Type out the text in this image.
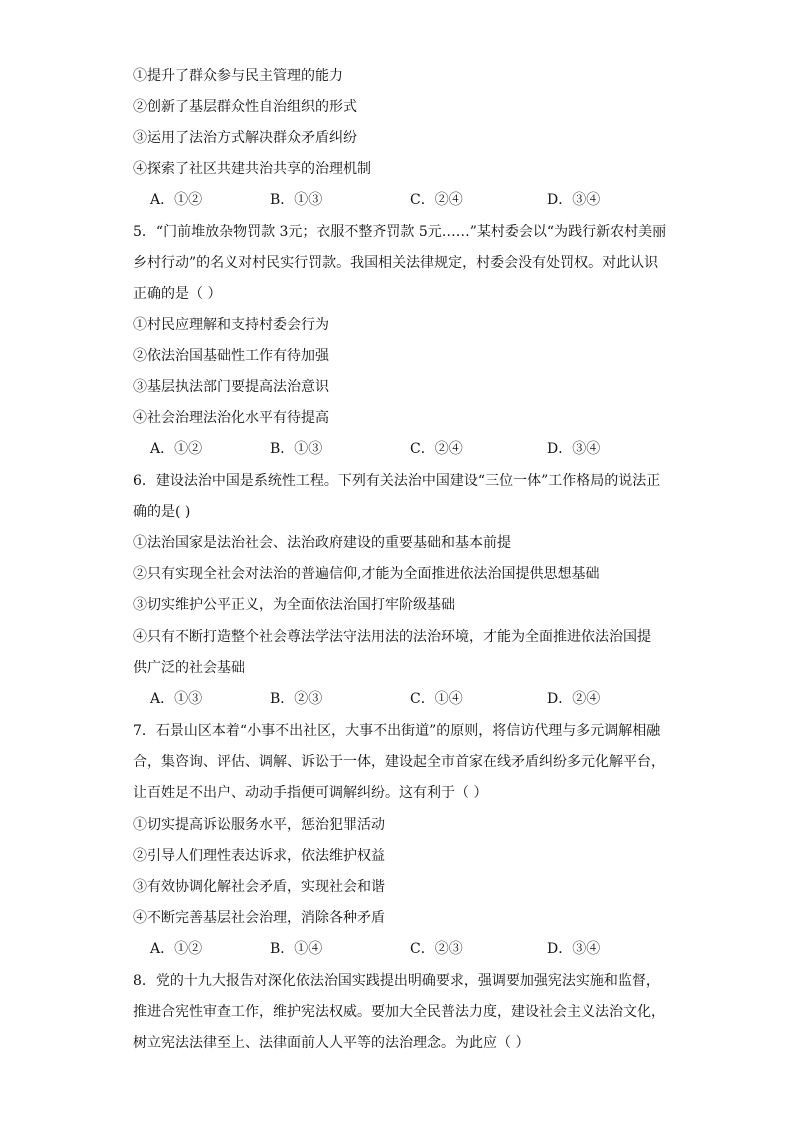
①提升了群众参与民主管理的能力
②创新了基层群众性自治组织的形式
③运用了法治方式解决群众矛盾纠纷
④探索了社区共建共治共享的治理机制
A．①②	B．①③	C．②④	D．③④
5．“门前堆放杂物罚款 3元；衣服不整齐罚款 5元……”某村委会以“为践行新农村美丽
乡村行动”的名义对村民实行罚款。我国相关法律规定，村委会没有处罚权。对此认识
正确的是（ ）
①村民应理解和支持村委会行为
②依法治国基础性工作有待加强
③基层执法部门要提高法治意识
④社会治理法治化水平有待提高
A．①②	B．①③	C．②④	D．③④
6．建设法治中国是系统性工程。下列有关法治中国建设“三位一体”工作格局的说法正
确的是( )
①法治国家是法治社会、法治政府建设的重要基础和基本前提
②只有实现全社会对法治的普遍信仰,才能为全面推进依法治国提供思想基础
③切实维护公平正义，为全面依法治国打牢阶级基础
④只有不断打造整个社会尊法学法守法用法的法治环境，才能为全面推进依法治国提
供广泛的社会基础
A．①③	B．②③	C．①④	D．②④
7．石景山区本着“小事不出社区，大事不出街道”的原则，将信访代理与多元调解相融
合，集咨询、评估、调解、诉讼于一体，建设起全市首家在线矛盾纠纷多元化解平台，
让百姓足不出户、动动手指便可调解纠纷。这有利于（ ）
①切实提高诉讼服务水平，惩治犯罪活动
②引导人们理性表达诉求，依法维护权益
③有效协调化解社会矛盾，实现社会和谐
④不断完善基层社会治理，消除各种矛盾
A．①②	B．①④	C．②③	D．③④
8．党的十九大报告对深化依法治国实践提出明确要求，强调要加强宪法实施和监督，
推进合宪性审查工作，维护宪法权威。要加大全民普法力度，建设社会主义法治文化，
树立宪法法律至上、法律面前人人平等的法治理念。为此应（ ）
